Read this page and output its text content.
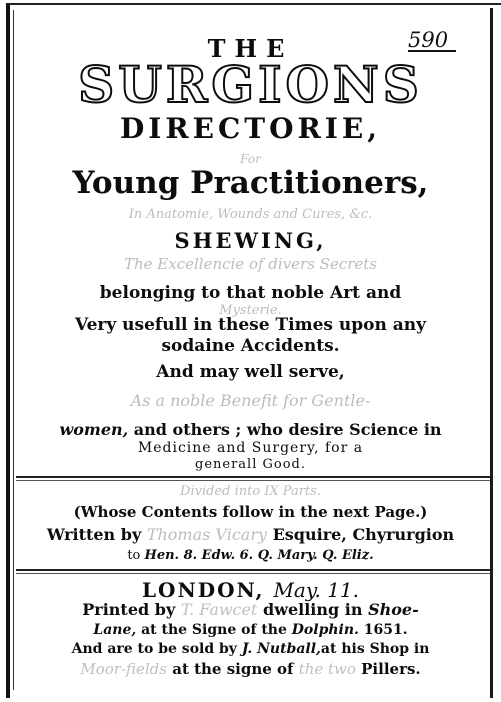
590
THE
SURGIONS
DIRECTORIE,
For
Young Practitioners,
In Anatomie, Wounds and Cures, &c.
SHEWING,
The Excellencie of divers Secrets
belonging to that noble Art and
Mysterie.
Very usefull in these Times upon any
sodaine Accidents.
And may well serve,
As a noble Benefit for Gentle-
women, and others ; who desire Science in
Medicine and Surgery, for a
generall Good.
Divided into IX Parts.
(Whose Contents follow in the next Page.)
Written by Thomas Vicary Esquire, Chyrurgion
to Hen. 8. Edw. 6. Q. Mary. Q. Eliz.
LONDON, May. 11.
Printed by T. Fawcet dwelling in Shoe-
Lane, at the Signe of the Dolphin. 1651.
And are to be sold by J. Nutball,at his Shop in
Moor-fields at the signe of the two Pillers.
